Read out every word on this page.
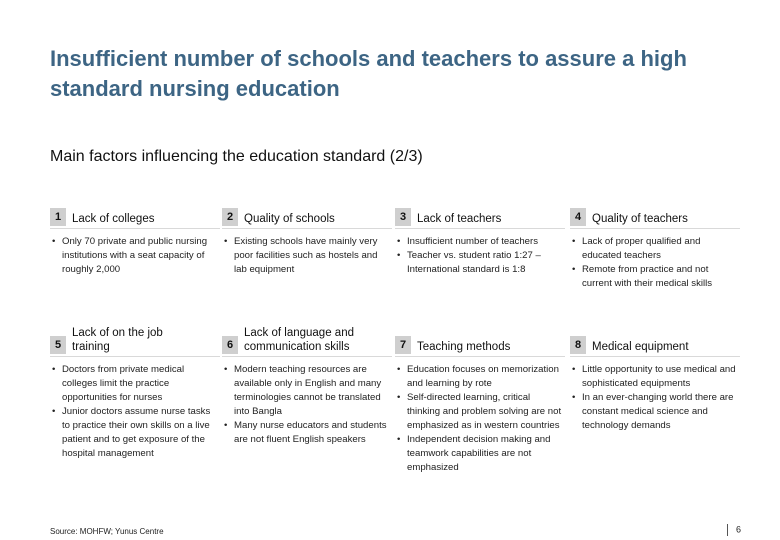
Insufficient number of schools and teachers to assure a high standard nursing education
Main factors influencing the education standard (2/3)
1 Lack of colleges
• Only 70 private and public nursing institutions with a seat capacity of roughly 2,000
2 Quality of schools
• Existing schools have mainly very poor facilities such as hostels and lab equipment
3 Lack of teachers
• Insufficient number of teachers
• Teacher vs. student ratio 1:27 – International standard is 1:8
4 Quality of teachers
• Lack of proper qualified and educated teachers
• Remote from practice and not current with their medical skills
5
Lack of on the job training
• Doctors from private medical colleges limit the practice opportunities for nurses
• Junior doctors assume nurse tasks to practice their own skills on a live patient and to get exposure of the hospital management
6
Lack of language and communication skills
• Modern teaching resources are available only in English and many terminologies cannot be translated into Bangla
• Many nurse educators and students are not fluent English speakers
7 Teaching methods
• Education focuses on memorization and learning by rote
• Self-directed learning, critical thinking and problem solving are not emphasized as in western countries
• Independent decision making and teamwork capabilities are not emphasized
8 Medical equipment
• Little opportunity to use medical and sophisticated equipments
• In an ever-changing world there are constant medical science and technology demands
Source: MOHFW; Yunus Centre	6
